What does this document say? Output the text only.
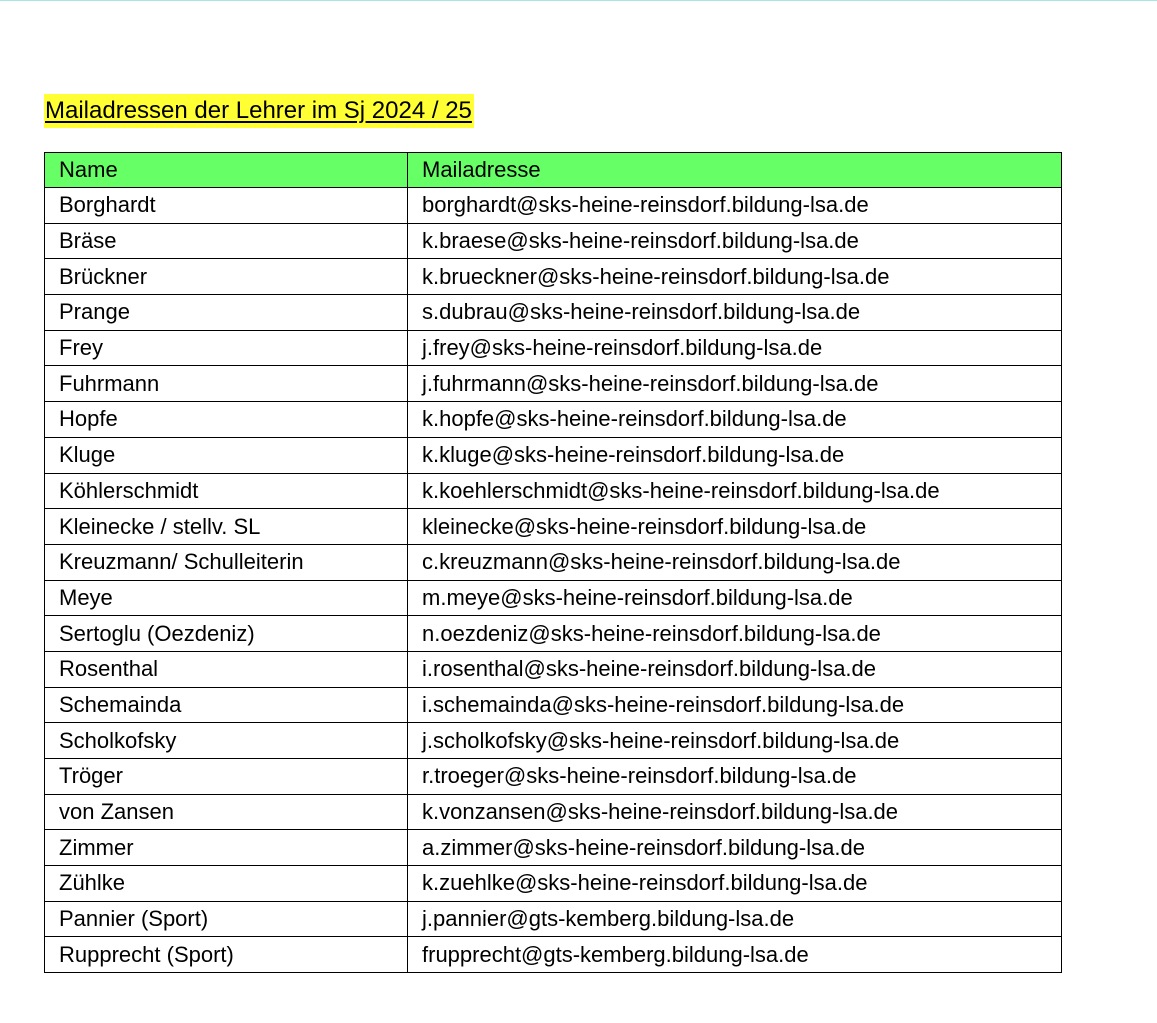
Mailadressen der Lehrer im Sj 2024 / 25
Name	Mailadresse
Borghardt	borghardt@sks-heine-reinsdorf.bildung-lsa.de
Bräse	k.braese@sks-heine-reinsdorf.bildung-lsa.de
Brückner	k.brueckner@sks-heine-reinsdorf.bildung-lsa.de
Prange	s.dubrau@sks-heine-reinsdorf.bildung-lsa.de
Frey	j.frey@sks-heine-reinsdorf.bildung-lsa.de
Fuhrmann	j.fuhrmann@sks-heine-reinsdorf.bildung-lsa.de
Hopfe	k.hopfe@sks-heine-reinsdorf.bildung-lsa.de
Kluge	k.kluge@sks-heine-reinsdorf.bildung-lsa.de
Köhlerschmidt	k.koehlerschmidt@sks-heine-reinsdorf.bildung-lsa.de
Kleinecke / stellv. SL	kleinecke@sks-heine-reinsdorf.bildung-lsa.de
Kreuzmann/ Schulleiterin	c.kreuzmann@sks-heine-reinsdorf.bildung-lsa.de
Meye	m.meye@sks-heine-reinsdorf.bildung-lsa.de
Sertoglu (Oezdeniz)	n.oezdeniz@sks-heine-reinsdorf.bildung-lsa.de
Rosenthal	i.rosenthal@sks-heine-reinsdorf.bildung-lsa.de
Schemainda	i.schemainda@sks-heine-reinsdorf.bildung-lsa.de
Scholkofsky	j.scholkofsky@sks-heine-reinsdorf.bildung-lsa.de
Tröger	r.troeger@sks-heine-reinsdorf.bildung-lsa.de
von Zansen	k.vonzansen@sks-heine-reinsdorf.bildung-lsa.de
Zimmer	a.zimmer@sks-heine-reinsdorf.bildung-lsa.de
Zühlke	k.zuehlke@sks-heine-reinsdorf.bildung-lsa.de
Pannier (Sport)	j.pannier@gts-kemberg.bildung-lsa.de
Rupprecht (Sport)	frupprecht@gts-kemberg.bildung-lsa.de
